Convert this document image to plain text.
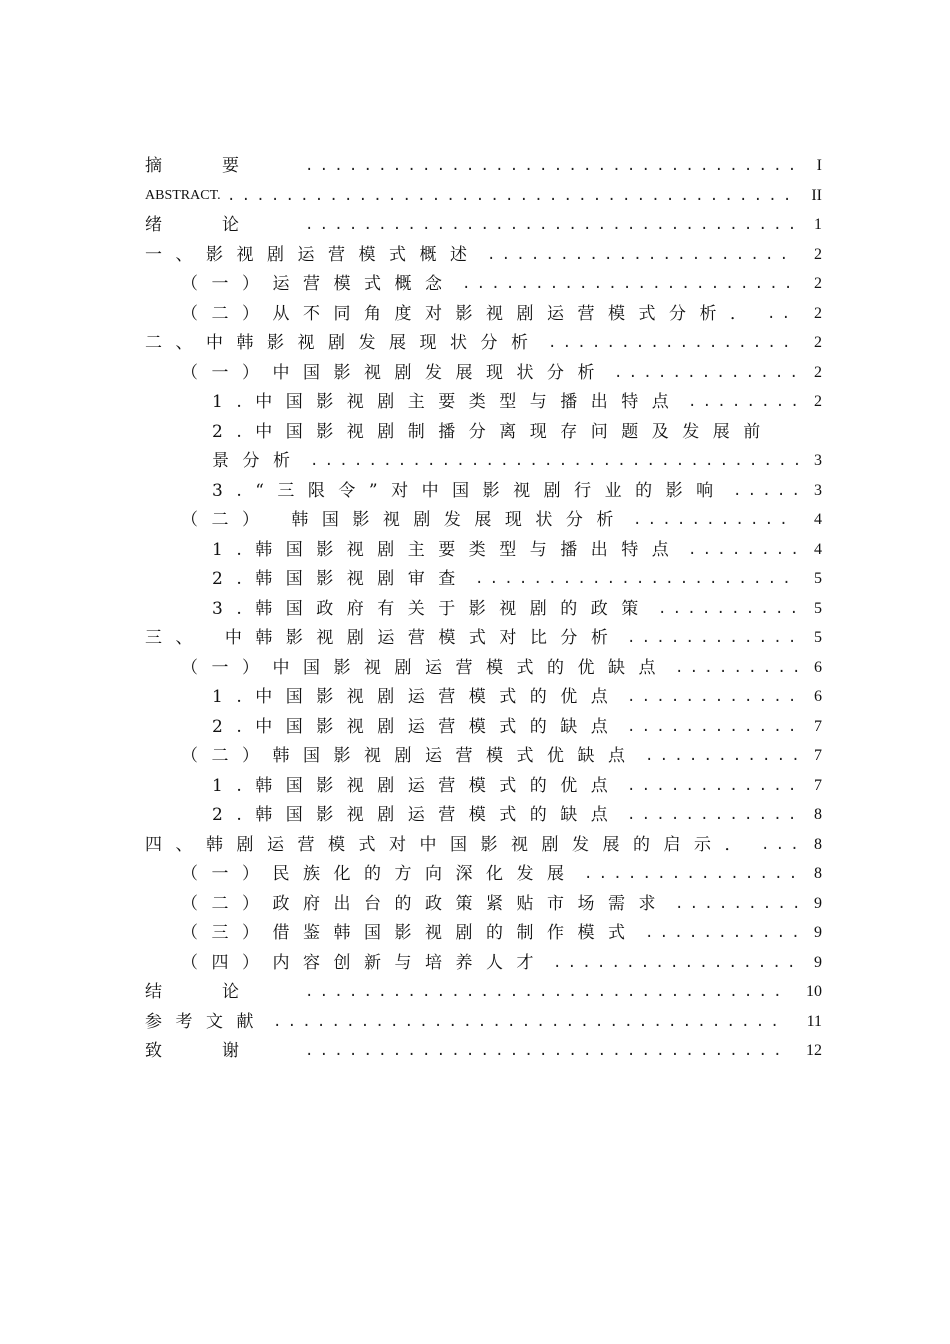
摘要 .................................. I
ABSTRACT. ....................................... II
绪论 .................................. 1
一、影视剧运营模式概述 ..................... 2
（一）运营模式概念 ....................... 2
（二）从不同角度对影视剧运营模式分析． .. 2
二、中韩影视剧发展现状分析 ................. 2
（一）中国影视剧发展现状分析 ............. 2
1.中国影视剧主要类型与播出特点 ........ 2
2.中国影视剧制播分离现存问题及发展前
景分析 .................................. 3
3.“三限令”对中国影视剧行业的影响 ..... 3
（二） 韩国影视剧发展现状分析 ........... 4
1.韩国影视剧主要类型与播出特点 ........ 4
2.韩国影视剧审查 ...................... 5
3.韩国政府有关于影视剧的政策 .......... 5
三、 中韩影视剧运营模式对比分析 ............ 5
（一）中国影视剧运营模式的优缺点 ......... 6
1.中国影视剧运营模式的优点 ............ 6
2.中国影视剧运营模式的缺点 ............ 7
（二）韩国影视剧运营模式优缺点 ........... 7
1.韩国影视剧运营模式的优点 ............ 7
2.韩国影视剧运营模式的缺点 ............ 8
四、韩剧运营模式对中国影视剧发展的启示． ... 8
（一）民族化的方向深化发展 ............... 8
（二）政府出台的政策紧贴市场需求 ......... 9
（三）借鉴韩国影视剧的制作模式 ........... 9
（四）内容创新与培养人才 ................. 9
结论 ................................. 10
参考文献 ................................... 11
致谢 ................................. 12
